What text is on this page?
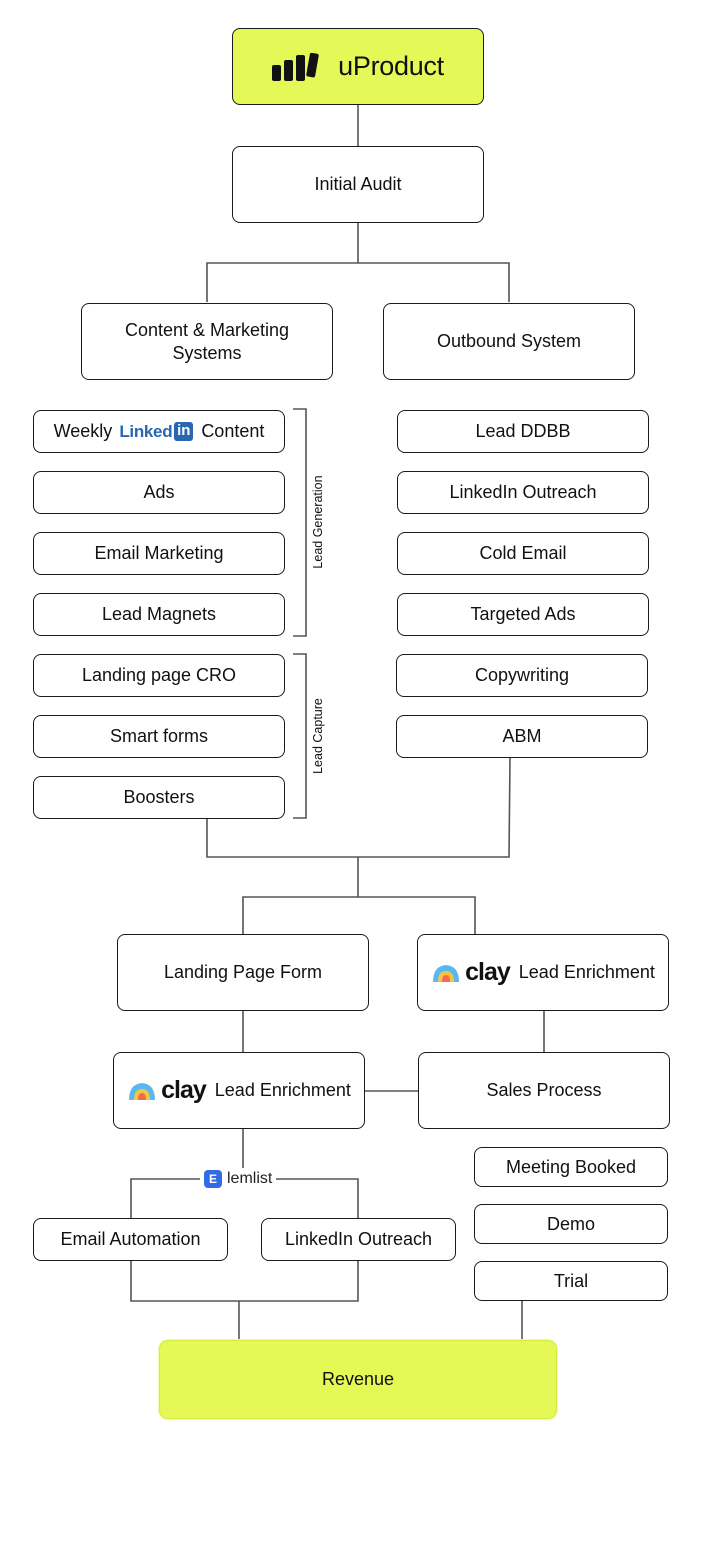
uProduct
Initial Audit
Content & Marketing Systems
Outbound System
Weekly Linked in Content
Ads
Email Marketing
Lead Magnets
Landing page CRO
Smart forms
Boosters
Lead Generation
Lead Capture
Lead DDBB
LinkedIn Outreach
Cold Email
Targeted Ads
Copywriting
ABM
Landing Page Form	clay Lead Enrichment
clay Lead Enrichment	Sales Process
E lemlist
Email Automation	LinkedIn Outreach
Meeting Booked
Demo
Trial
Revenue
